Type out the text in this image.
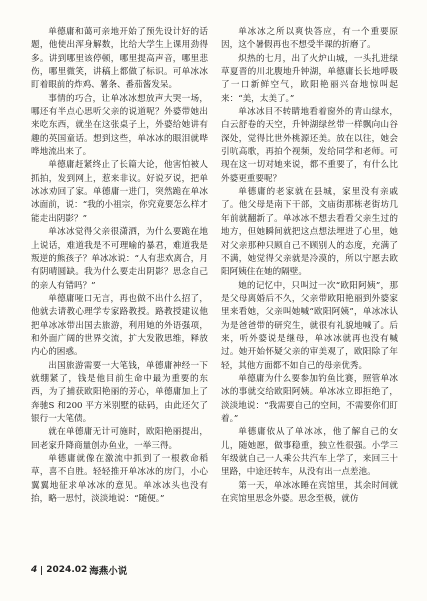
单德庸和蔼可亲地开始了预先设计好的话题，他使出浑身解数，比给大学生上课用劲得多。讲到哪里该停顿，哪里提高声音，哪里悲伤，哪里微笑，讲稿上都做了标识。可单冰冰盯着眼前的炸鸡、薯条、番茄酱发呆。

事情的巧合，让单冰冰想放声大哭一场，哪还有半点心思听父亲的说道呢？外婆带她出来吃东西，就坐在这张桌子上，外婆给她讲有趣的英国童话。想到这些，单冰冰的眼泪就哗哗地流出来了。

单德庸赶紧终止了长篇大论，他害怕被人抓拍，发到网上，惹来非议。好说歹说，把单冰冰劝回了家。单德庸一进门，突然跪在单冰冰面前，说：“我的小祖宗，你究竟要怎么样才能走出阴影？”

单冰冰觉得父亲很潇洒，为什么要跪在地上说话，难道我是不可理喻的暴君，难道我是叛逆的熊孩子？单冰冰说：“人有悲欢离合，月有阴晴圆缺。我为什么要走出阴影？思念自己的亲人有错吗？”

单德庸哑口无言，再也做不出什么招了，他就去请教心理学专家路教授。路教授建议他把单冰冰带出国去旅游，利用她的外语强项，和外面广阔的世界交流，扩大发散思维，释放内心的困惑。

出国旅游需要一大笔钱，单德庸神经一下就绷紧了，钱是他目前生命中最为重要的东西，为了捕获欧阳艳丽的芳心，单德庸加上了奔驰S 和200 平方米别墅的砝码，由此还欠了银行一大笔债。

就在单德庸无计可施时，欧阳艳丽提出，回老家升降商量创办鱼业，一举三得。

单德庸就像在激流中抓到了一根救命稻草，喜不自胜。轻轻推开单冰冰的房门，小心翼翼地征求单冰冰的意见。单冰冰头也没有抬，略一思忖，淡淡地说：“随便。”

单冰冰之所以爽快答应，有一个重要原因，这个暑假再也不想受半课的折磨了。

炽热的七月，出了火炉山城，一头扎进绿草夏晋的川北腹地升钟湖，单德庸长长地呼吸了一口新鲜空气，欧阳艳丽兴奋地惊叫起来：“美，太美了。”

单冰冰目不转睛地看着窗外的青山绿水，白云舒卷的天空，升钟湖绿丝带一样飘向山谷深处，觉得比世外桃源还美。放在以往，她会引吭高歌，再拍个视频，发给同学和老师。可现在这一切对她来说，都不重要了，有什么比外婆更重要呢？

单德庸的老家就在县城，家里没有亲戚了。他父母是南下干部，文庙街那栋老街坊几年前就翻新了。单冰冰不想去看看父亲生过的地方，但她瞬间就把这点想法埋进了心里，她对父亲那种只顾自己不顾别人的态度，充满了不满，她觉得父亲就是冷漠的，所以宁愿去欧阳阿姨住在她的隔壁。

她的记忆中，只叫过一次“欧阳阿姨”，那是父母离婚后不久，父亲带欧阳艳丽到外婆家里来看她，父亲叫她喊“欧阳阿姨”，单冰冰认为是爸爸带的研究生，就很有礼貌地喊了。后来，听外婆说是继母，单冰冰就再也没有喊过。她开始怀疑父亲的审美观了，欧阳除了年轻，其他方面都不如自己的母亲优秀。

单德庸为什么要参加钓鱼比赛，照管单冰冰的事就交给欧阳阿姨。单冰冰立即拒绝了，淡淡地说：“我需要自己的空间，不需要你们盯着。”

单德庸依从了单冰冰，他了解自己的女儿，随她愿，做事稳重，独立性很强。小学三年级就自己一人乘公共汽车上学了，来回三十里路，中途还转车，从没有出一点差池。

第一天，单冰冰睡在宾馆里，其余时间就在宾馆里思念外婆。思念至极，就仿

4 2024.02 海燕小说
